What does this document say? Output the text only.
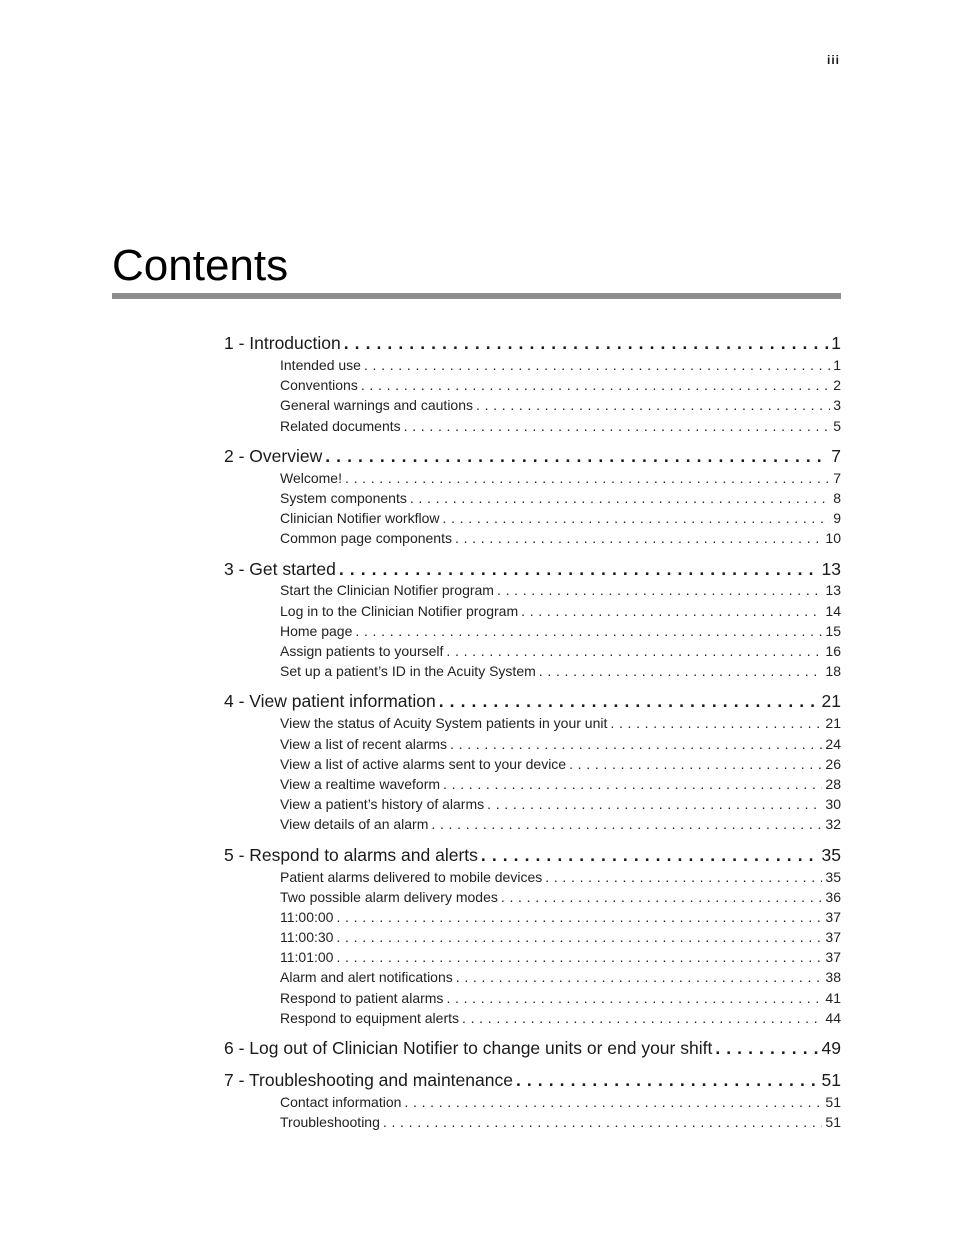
iii
Contents
1 - Introduction . . .	1
Intended use . . .	1
Conventions . . .	2
General warnings and cautions . . .	3
Related documents . . .	5
2 - Overview . . .	7
Welcome! . . .	7
System components . . .	8
Clinician Notifier workflow . . .	9
Common page components . . .	10
3 - Get started . . .	13
Start the Clinician Notifier program . . .	13
Log in to the Clinician Notifier program . . .	14
Home page . . .	15
Assign patients to yourself . . .	16
Set up a patient’s ID in the Acuity System . . .	18
4 - View patient information . . .	21
View the status of Acuity System patients in your unit . . .	21
View a list of recent alarms . . .	24
View a list of active alarms sent to your device . . .	26
View a realtime waveform . . .	28
View a patient’s history of alarms . . .	30
View details of an alarm . . .	32
5 - Respond to alarms and alerts . . .	35
Patient alarms delivered to mobile devices . . .	35
Two possible alarm delivery modes . . .	36
11:00:00 . . .	37
11:00:30 . . .	37
11:01:00 . . .	37
Alarm and alert notifications . . .	38
Respond to patient alarms . . .	41
Respond to equipment alerts . . .	44
6 - Log out of Clinician Notifier to change units or end your shift . . .	49
7 - Troubleshooting and maintenance . . .	51
Contact information . . .	51
Troubleshooting . . .	51
